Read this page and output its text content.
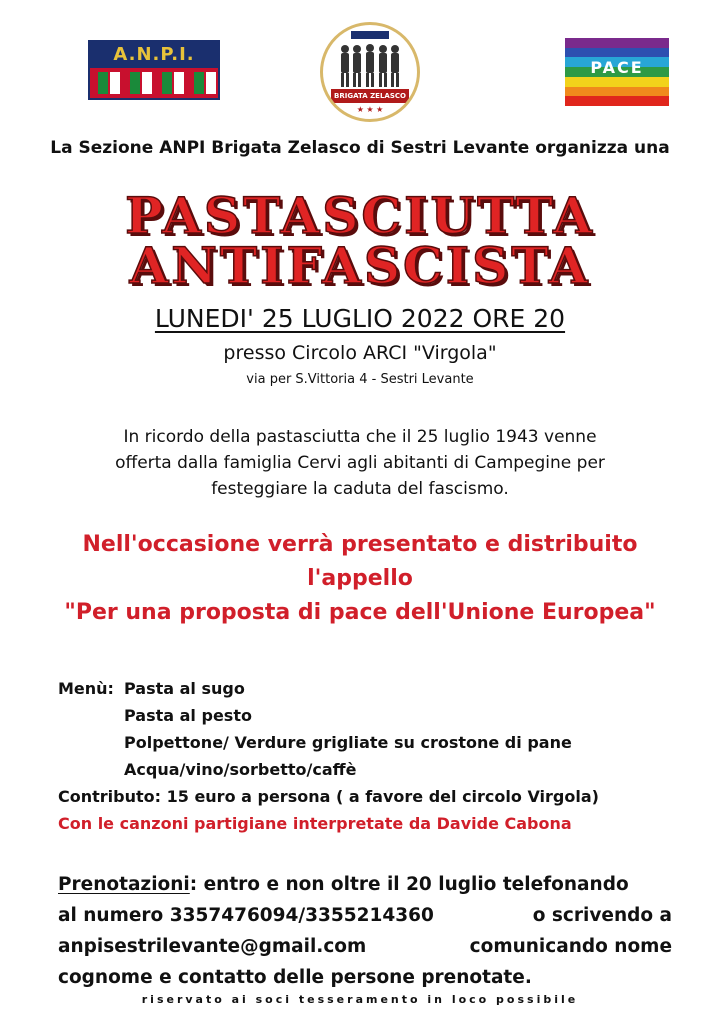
A.N.P.I.
BRIGATA ZELASCO
★ ★ ★
PACE
La Sezione ANPI Brigata Zelasco di Sestri Levante organizza una
PASTASCIUTTA
ANTIFASCISTA
LUNEDI' 25 LUGLIO 2022 ORE 20
presso Circolo ARCI "Virgola"
via per S.Vittoria 4 - Sestri Levante
In ricordo della pastasciutta che il 25 luglio 1943 venne
offerta dalla famiglia Cervi agli abitanti di Campegine per
festeggiare la caduta del fascismo.
Nell'occasione verrà presentato e distribuito
l'appello
"Per una proposta di pace dell'Unione Europea"
Menù: Pasta al sugo
Pasta al pesto
Polpettone/ Verdure grigliate su crostone di pane
Acqua/vino/sorbetto/caffè
Contributo: 15 euro a persona ( a favore del circolo Virgola)
Con le canzoni partigiane interpretate da Davide Cabona
Prenotazioni: entro e non oltre il 20 luglio telefonando
al numero 3357476094/3355214360	o scrivendo a
anpisestrilevante@gmail.com	comunicando nome
cognome e contatto delle persone prenotate.
riservato ai soci tesseramento in loco possibile
